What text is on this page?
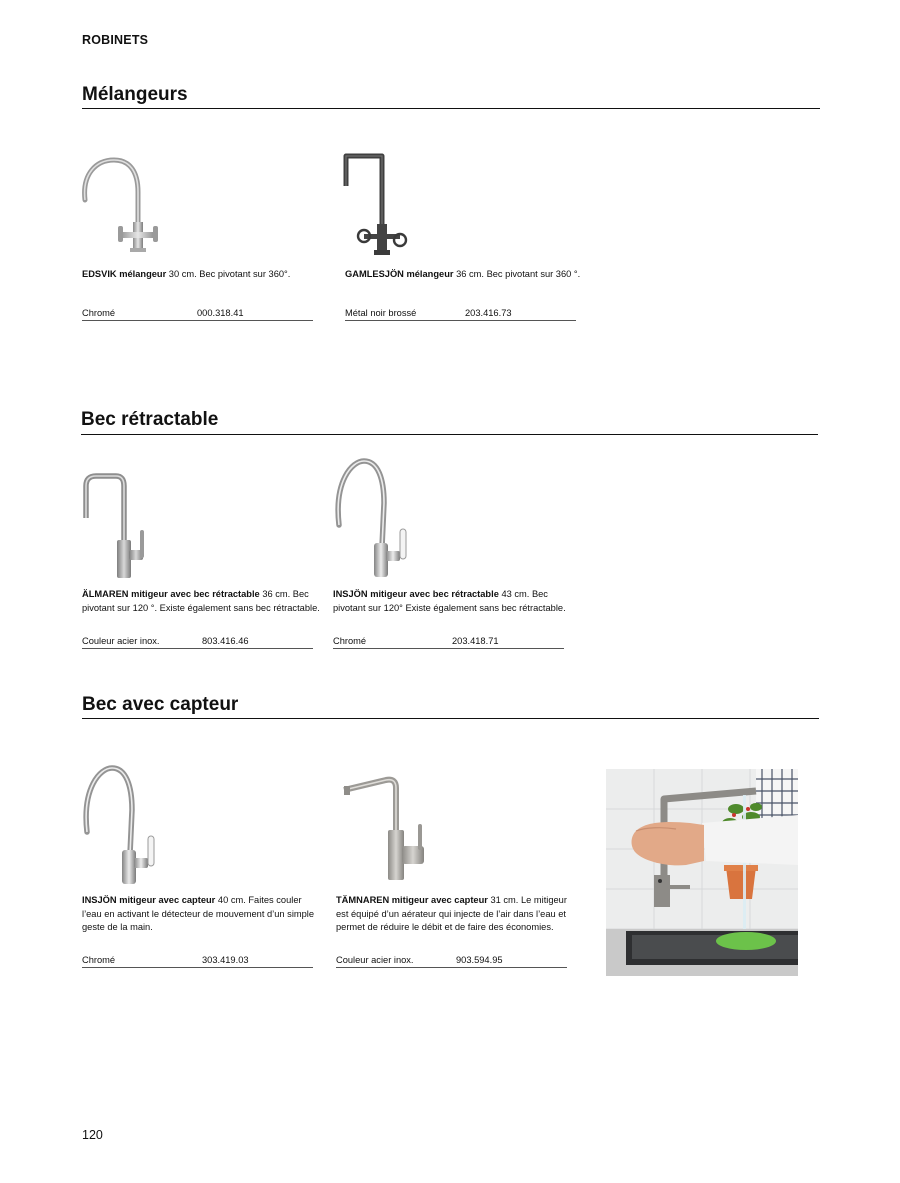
ROBINETS
Mélangeurs
EDSVIK mélangeur 30 cm. Bec pivotant sur 360°.
Chromé	000.318.41
GAMLESJÖN mélangeur 36 cm. Bec pivotant sur 360 °.
Métal noir brossé	203.416.73
Bec rétractable
ÄLMAREN mitigeur avec bec rétractable 36 cm. Bec pivotant sur 120 °. Existe également sans bec rétractable.
Couleur acier inox.	803.416.46
INSJÖN mitigeur avec bec rétractable 43 cm. Bec pivotant sur 120° Existe également sans bec rétractable.
Chromé	203.418.71
Bec avec capteur
INSJÖN mitigeur avec capteur 40 cm. Faites couler l’eau en activant le détecteur de mouvement d’un simple geste de la main.
Chromé	303.419.03
TÄMNAREN mitigeur avec capteur 31 cm. Le mitigeur est équipé d’un aérateur qui injecte de l’air dans l’eau et permet de réduire le débit et de faire des économies.
Couleur acier inox.	903.594.95
120
